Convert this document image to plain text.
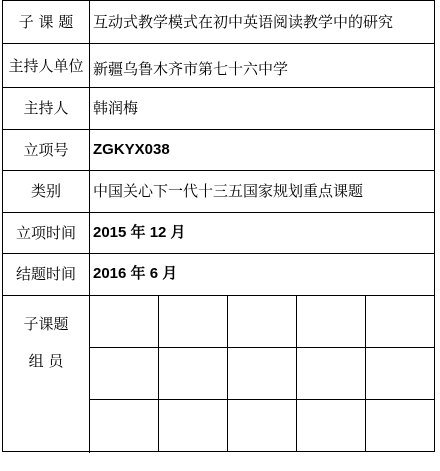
子 课 题	互动式教学模式在初中英语阅读教学中的研究
主持人单位 新疆乌鲁木齐市第七十六中学
主持人	韩润梅
立项号	ZGKYX038
类别	中国关心下一代十三五国家规划重点课题
立项时间	2015 年 12 月
结题时间	2016 年 6 月
子课题
组 员
